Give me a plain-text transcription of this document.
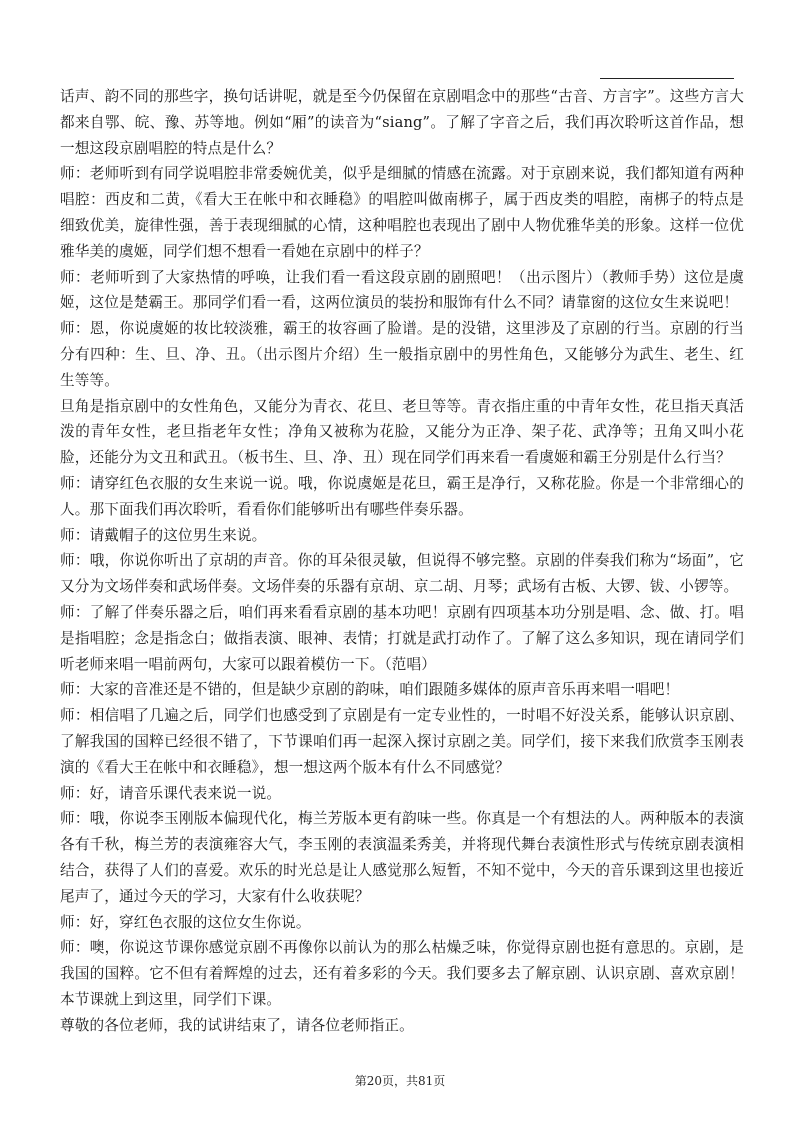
话声、韵不同的那些字，换句话讲呢，就是至今仍保留在京剧唱念中的那些“古音、方言字”。这些方言大都来自鄂、皖、豫、苏等地。例如“厢”的读音为“siang”。了解了字音之后，我们再次聆听这首作品，想一想这段京剧唱腔的特点是什么？

师：老师听到有同学说唱腔非常委婉优美，似乎是细腻的情感在流露。对于京剧来说，我们都知道有两种唱腔：西皮和二黄，《看大王在帐中和衣睡稳》的唱腔叫做南梆子，属于西皮类的唱腔，南梆子的特点是细致优美，旋律性强，善于表现细腻的心情，这种唱腔也表现出了剧中人物优雅华美的形象。这样一位优雅华美的虞姬，同学们想不想看一看她在京剧中的样子？

师：老师听到了大家热情的呼唤，让我们看一看这段京剧的剧照吧！（出示图片）（教师手势）这位是虞姬，这位是楚霸王。那同学们看一看，这两位演员的装扮和服饰有什么不同？请靠窗的这位女生来说吧！

师：恩，你说虞姬的妆比较淡雅，霸王的妆容画了脸谱。是的没错，这里涉及了京剧的行当。京剧的行当分有四种：生、旦、净、丑。（出示图片介绍）生一般指京剧中的男性角色，又能够分为武生、老生、红生等等。

旦角是指京剧中的女性角色，又能分为青衣、花旦、老旦等等。青衣指庄重的中青年女性，花旦指天真活泼的青年女性，老旦指老年女性；净角又被称为花脸，又能分为正净、架子花、武净等；丑角又叫小花脸，还能分为文丑和武丑。（板书生、旦、净、丑）现在同学们再来看一看虞姬和霸王分别是什么行当？

师：请穿红色衣服的女生来说一说。哦，你说虞姬是花旦，霸王是净行，又称花脸。你是一个非常细心的人。那下面我们再次聆听，看看你们能够听出有哪些伴奏乐器。

师：请戴帽子的这位男生来说。

师：哦，你说你听出了京胡的声音。你的耳朵很灵敏，但说得不够完整。京剧的伴奏我们称为“场面”，它又分为文场伴奏和武场伴奏。文场伴奏的乐器有京胡、京二胡、月琴；武场有古板、大锣、钹、小锣等。

师：了解了伴奏乐器之后，咱们再来看看京剧的基本功吧！京剧有四项基本功分别是唱、念、做、打。唱是指唱腔；念是指念白；做指表演、眼神、表情；打就是武打动作了。了解了这么多知识，现在请同学们听老师来唱一唱前两句，大家可以跟着模仿一下。（范唱）

师：大家的音准还是不错的，但是缺少京剧的韵味，咱们跟随多媒体的原声音乐再来唱一唱吧！

师：相信唱了几遍之后，同学们也感受到了京剧是有一定专业性的，一时唱不好没关系，能够认识京剧、了解我国的国粹已经很不错了，下节课咱们再一起深入探讨京剧之美。同学们，接下来我们欣赏李玉刚表演的《看大王在帐中和衣睡稳》，想一想这两个版本有什么不同感觉？

师：好，请音乐课代表来说一说。

师：哦，你说李玉刚版本偏现代化，梅兰芳版本更有韵味一些。你真是一个有想法的人。两种版本的表演各有千秋，梅兰芳的表演雍容大气，李玉刚的表演温柔秀美，并将现代舞台表演性形式与传统京剧表演相结合，获得了人们的喜爱。欢乐的时光总是让人感觉那么短暂，不知不觉中，今天的音乐课到这里也接近尾声了，通过今天的学习，大家有什么收获呢？

师：好，穿红色衣服的这位女生你说。

师：噢，你说这节课你感觉京剧不再像你以前认为的那么枯燥乏味，你觉得京剧也挺有意思的。京剧，是我国的国粹。它不但有着辉煌的过去，还有着多彩的今天。我们要多去了解京剧、认识京剧、喜欢京剧！本节课就上到这里，同学们下课。

尊敬的各位老师，我的试讲结束了，请各位老师指正。

第20页，共81页
